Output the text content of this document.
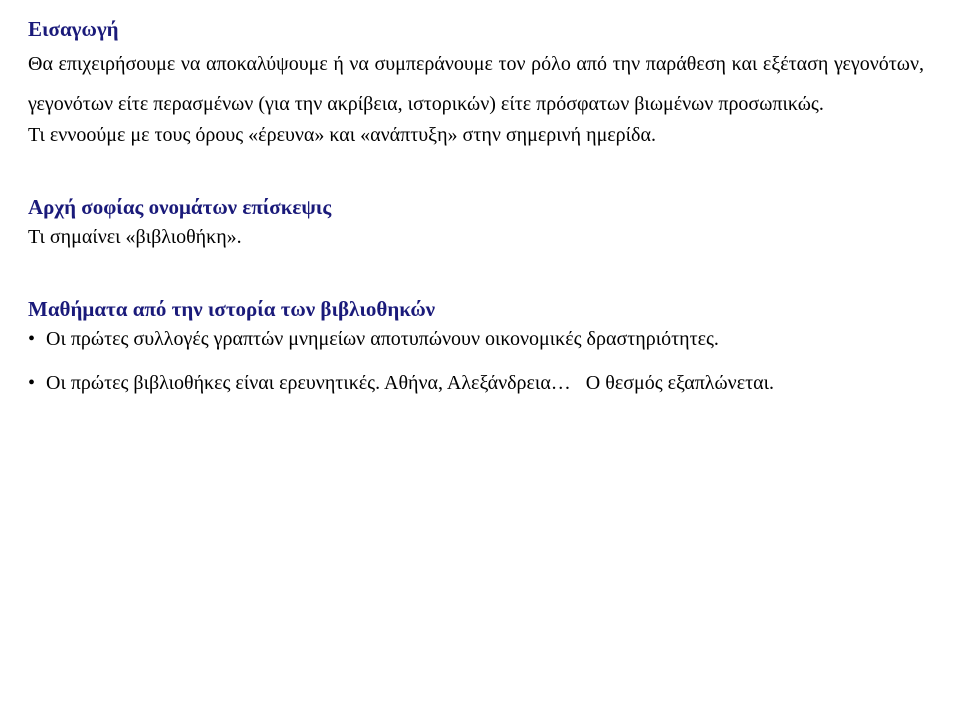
Εισαγωγή

Θα επιχειρήσουμε να αποκαλύψουμε ή να συμπεράνουμε τον ρόλο από την παράθεση και εξέταση γεγονότων, γεγονότων είτε περασμένων (για την ακρίβεια, ιστορικών) είτε πρόσφατων βιωμένων προσωπικώς.

Τι εννοούμε με τους όρους «έρευνα» και «ανάπτυξη» στην σημερινή ημερίδα.

Αρχή σοφίας ονομάτων επίσκεψις

Τι σημαίνει «βιβλιοθήκη».

Μαθήματα από την ιστορία των βιβλιοθηκών
• Οι πρώτες συλλογές γραπτών μνημείων αποτυπώνουν οικονομικές δραστηριότητες.
• Οι πρώτες βιβλιοθήκες είναι ερευνητικές. Αθήνα, Αλεξάνδρεια…   Ο θεσμός εξαπλώνεται.
